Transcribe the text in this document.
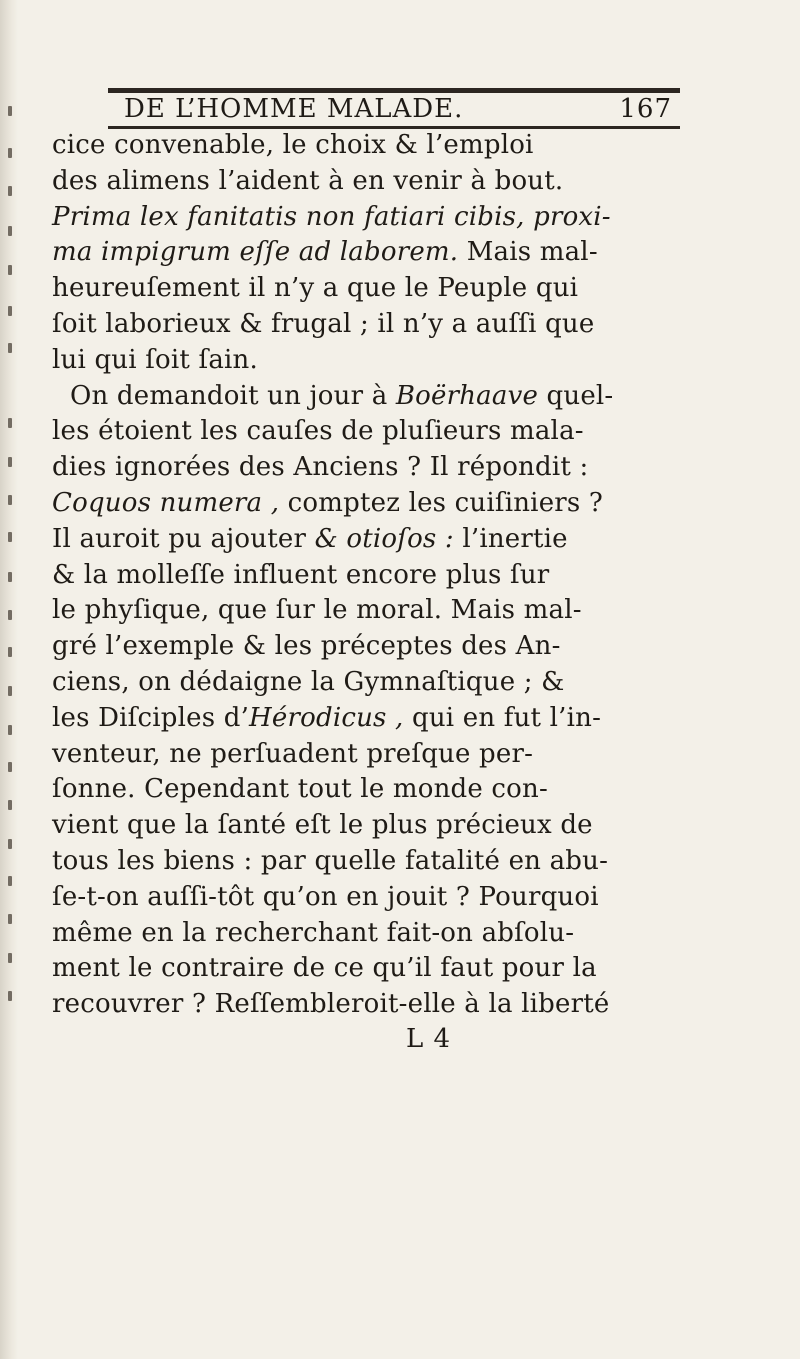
DE L’HOMME MALADE.	167
cice convenable, le choix & l’emploi
des alimens l’aident à en venir à bout.
Prima lex fanitatis non fatiari cibis, proxi-
ma impigrum eſſe ad laborem. Mais mal-
heureuſement il n’y a que le Peuple qui
ſoit laborieux & frugal ; il n’y a auſſi que
lui qui ſoit ſain.
On demandoit un jour à Boërhaave quel-
les étoient les cauſes de pluſieurs mala-
dies ignorées des Anciens ? Il répondit :
Coquos numera , comptez les cuiſiniers ?
Il auroit pu ajouter & otioſos : l’inertie
& la molleſſe influent encore plus ſur
le phyſique, que ſur le moral. Mais mal-
gré l’exemple & les préceptes des An-
ciens, on dédaigne la Gymnaſtique ; &
les Diſciples d’Hérodicus , qui en fut l’in-
venteur, ne perſuadent preſque per-
ſonne. Cependant tout le monde con-
vient que la ſanté eſt le plus précieux de
tous les biens : par quelle fatalité en abu-
ſe-t-on auſſi-tôt qu’on en jouit ? Pourquoi
même en la recherchant fait-on abſolu-
ment le contraire de ce qu’il faut pour la
recouvrer ? Reſſembleroit-elle à la liberté
L 4
